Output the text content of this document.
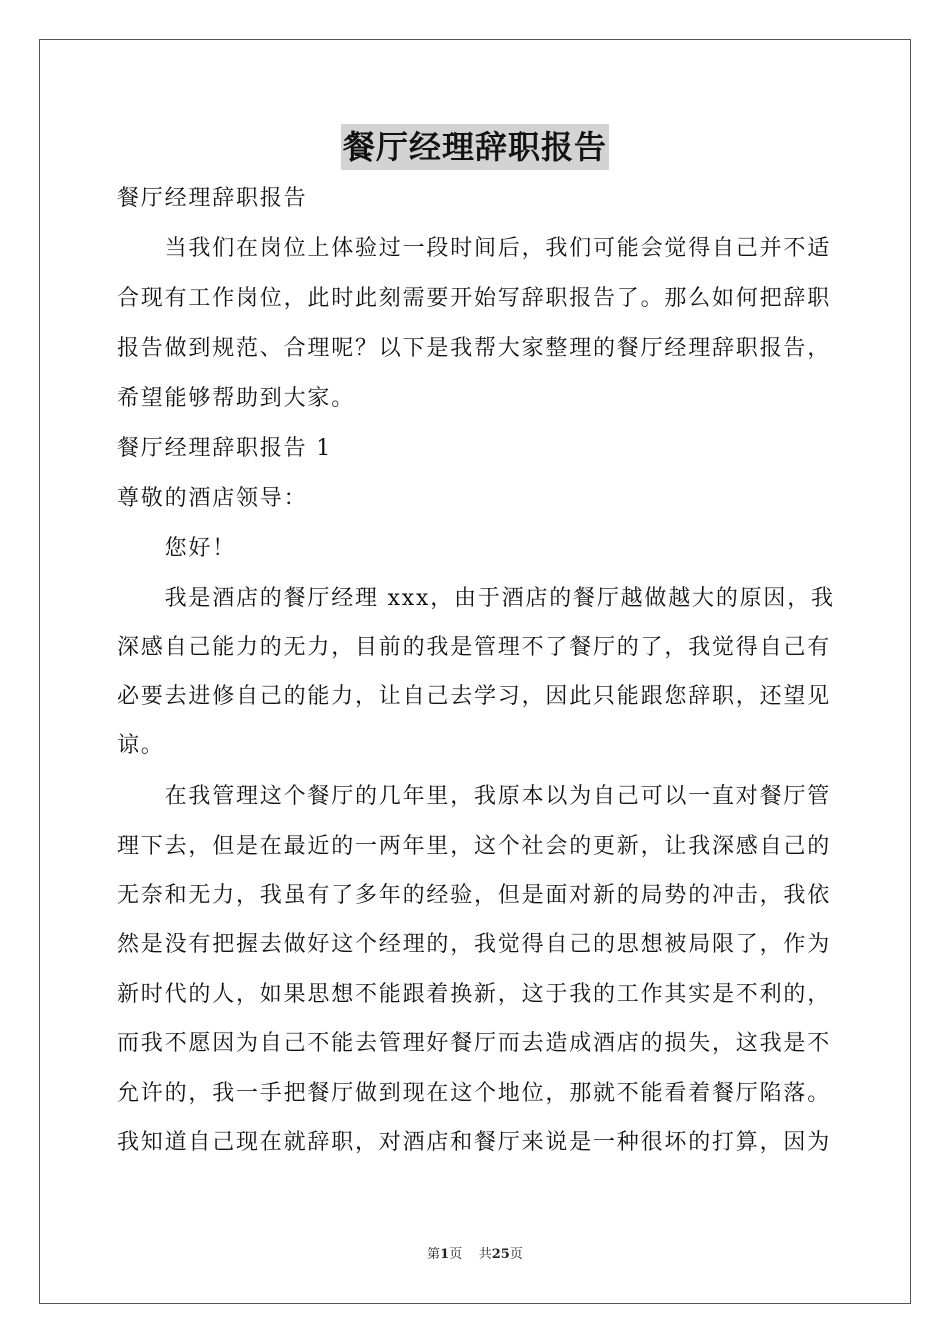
餐厅经理辞职报告
餐厅经理辞职报告
　　当我们在岗位上体验过一段时间后，我们可能会觉得自己并不适
合现有工作岗位，此时此刻需要开始写辞职报告了。那么如何把辞职
报告做到规范、合理呢？以下是我帮大家整理的餐厅经理辞职报告，
希望能够帮助到大家。
餐厅经理辞职报告 1
尊敬的酒店领导：
　　您好！
　　我是酒店的餐厅经理 xxx，由于酒店的餐厅越做越大的原因，我
深感自己能力的无力，目前的我是管理不了餐厅的了，我觉得自己有
必要去进修自己的能力，让自己去学习，因此只能跟您辞职，还望见
谅。
　　在我管理这个餐厅的几年里，我原本以为自己可以一直对餐厅管
理下去，但是在最近的一两年里，这个社会的更新，让我深感自己的
无奈和无力，我虽有了多年的经验，但是面对新的局势的冲击，我依
然是没有把握去做好这个经理的，我觉得自己的思想被局限了，作为
新时代的人，如果思想不能跟着换新，这于我的工作其实是不利的，
而我不愿因为自己不能去管理好餐厅而去造成酒店的损失，这我是不
允许的，我一手把餐厅做到现在这个地位，那就不能看着餐厅陷落。
我知道自己现在就辞职，对酒店和餐厅来说是一种很坏的打算，因为
第1页 共25页
